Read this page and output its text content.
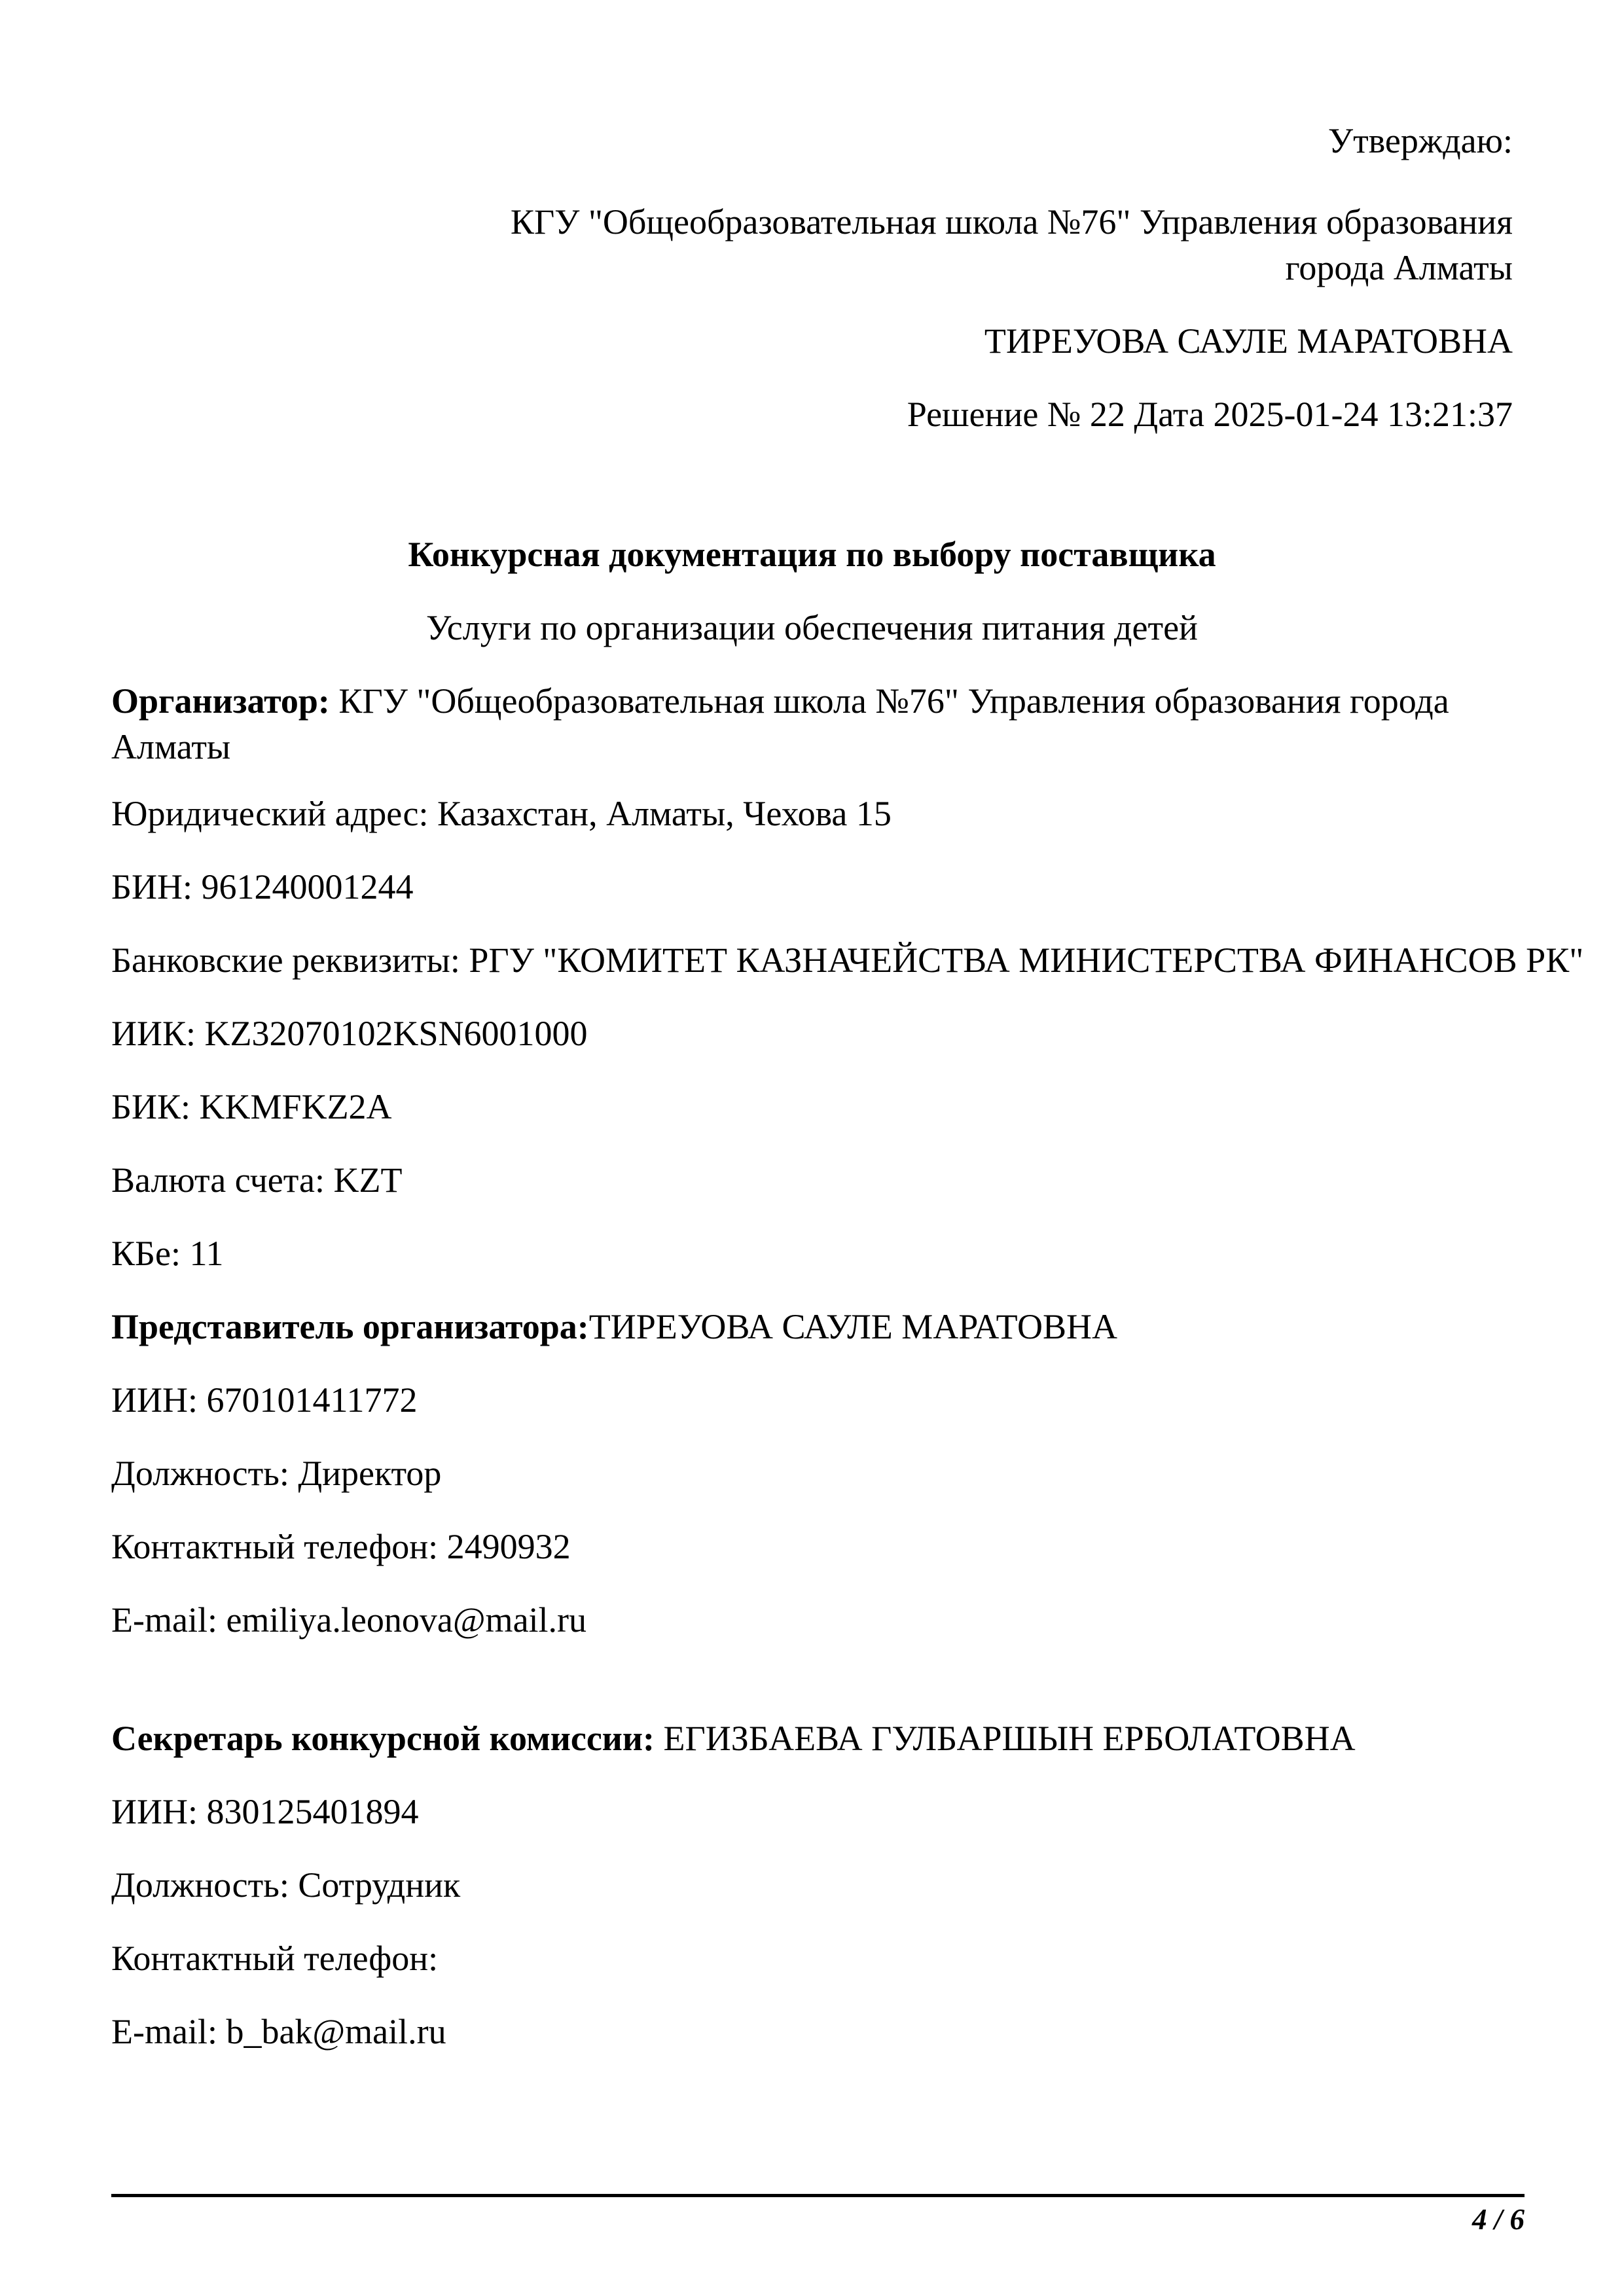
Утверждаю:

КГУ "Общеобразовательная школа №76" Управления образования города Алматы

ТИРЕУОВА САУЛЕ МАРАТОВНА

Решение № 22 Дата 2025-01-24 13:21:37

Конкурсная документация по выбору поставщика

Услуги по организации обеспечения питания детей

Организатор: КГУ "Общеобразовательная школа №76" Управления образования города Алматы

Юридический адрес: Казахстан, Алматы, Чехова 15

БИН: 961240001244

Банковские реквизиты: РГУ "КОМИТЕТ КАЗНАЧЕЙСТВА МИНИСТЕРСТВА ФИНАНСОВ РК"

ИИК: KZ32070102KSN6001000

БИК: KKMFKZ2A

Валюта счета: KZT

КБе: 11

Представитель организатора:ТИРЕУОВА САУЛЕ МАРАТОВНА

ИИН: 670101411772

Должность: Директор

Контактный телефон: 2490932

E-mail: emiliya.leonova@mail.ru

Секретарь конкурсной комиссии: ЕГИЗБАЕВА ГУЛБАРШЫН ЕРБОЛАТОВНА

ИИН: 830125401894

Должность: Сотрудник

Контактный телефон:

E-mail: b_bak@mail.ru

4 / 6
